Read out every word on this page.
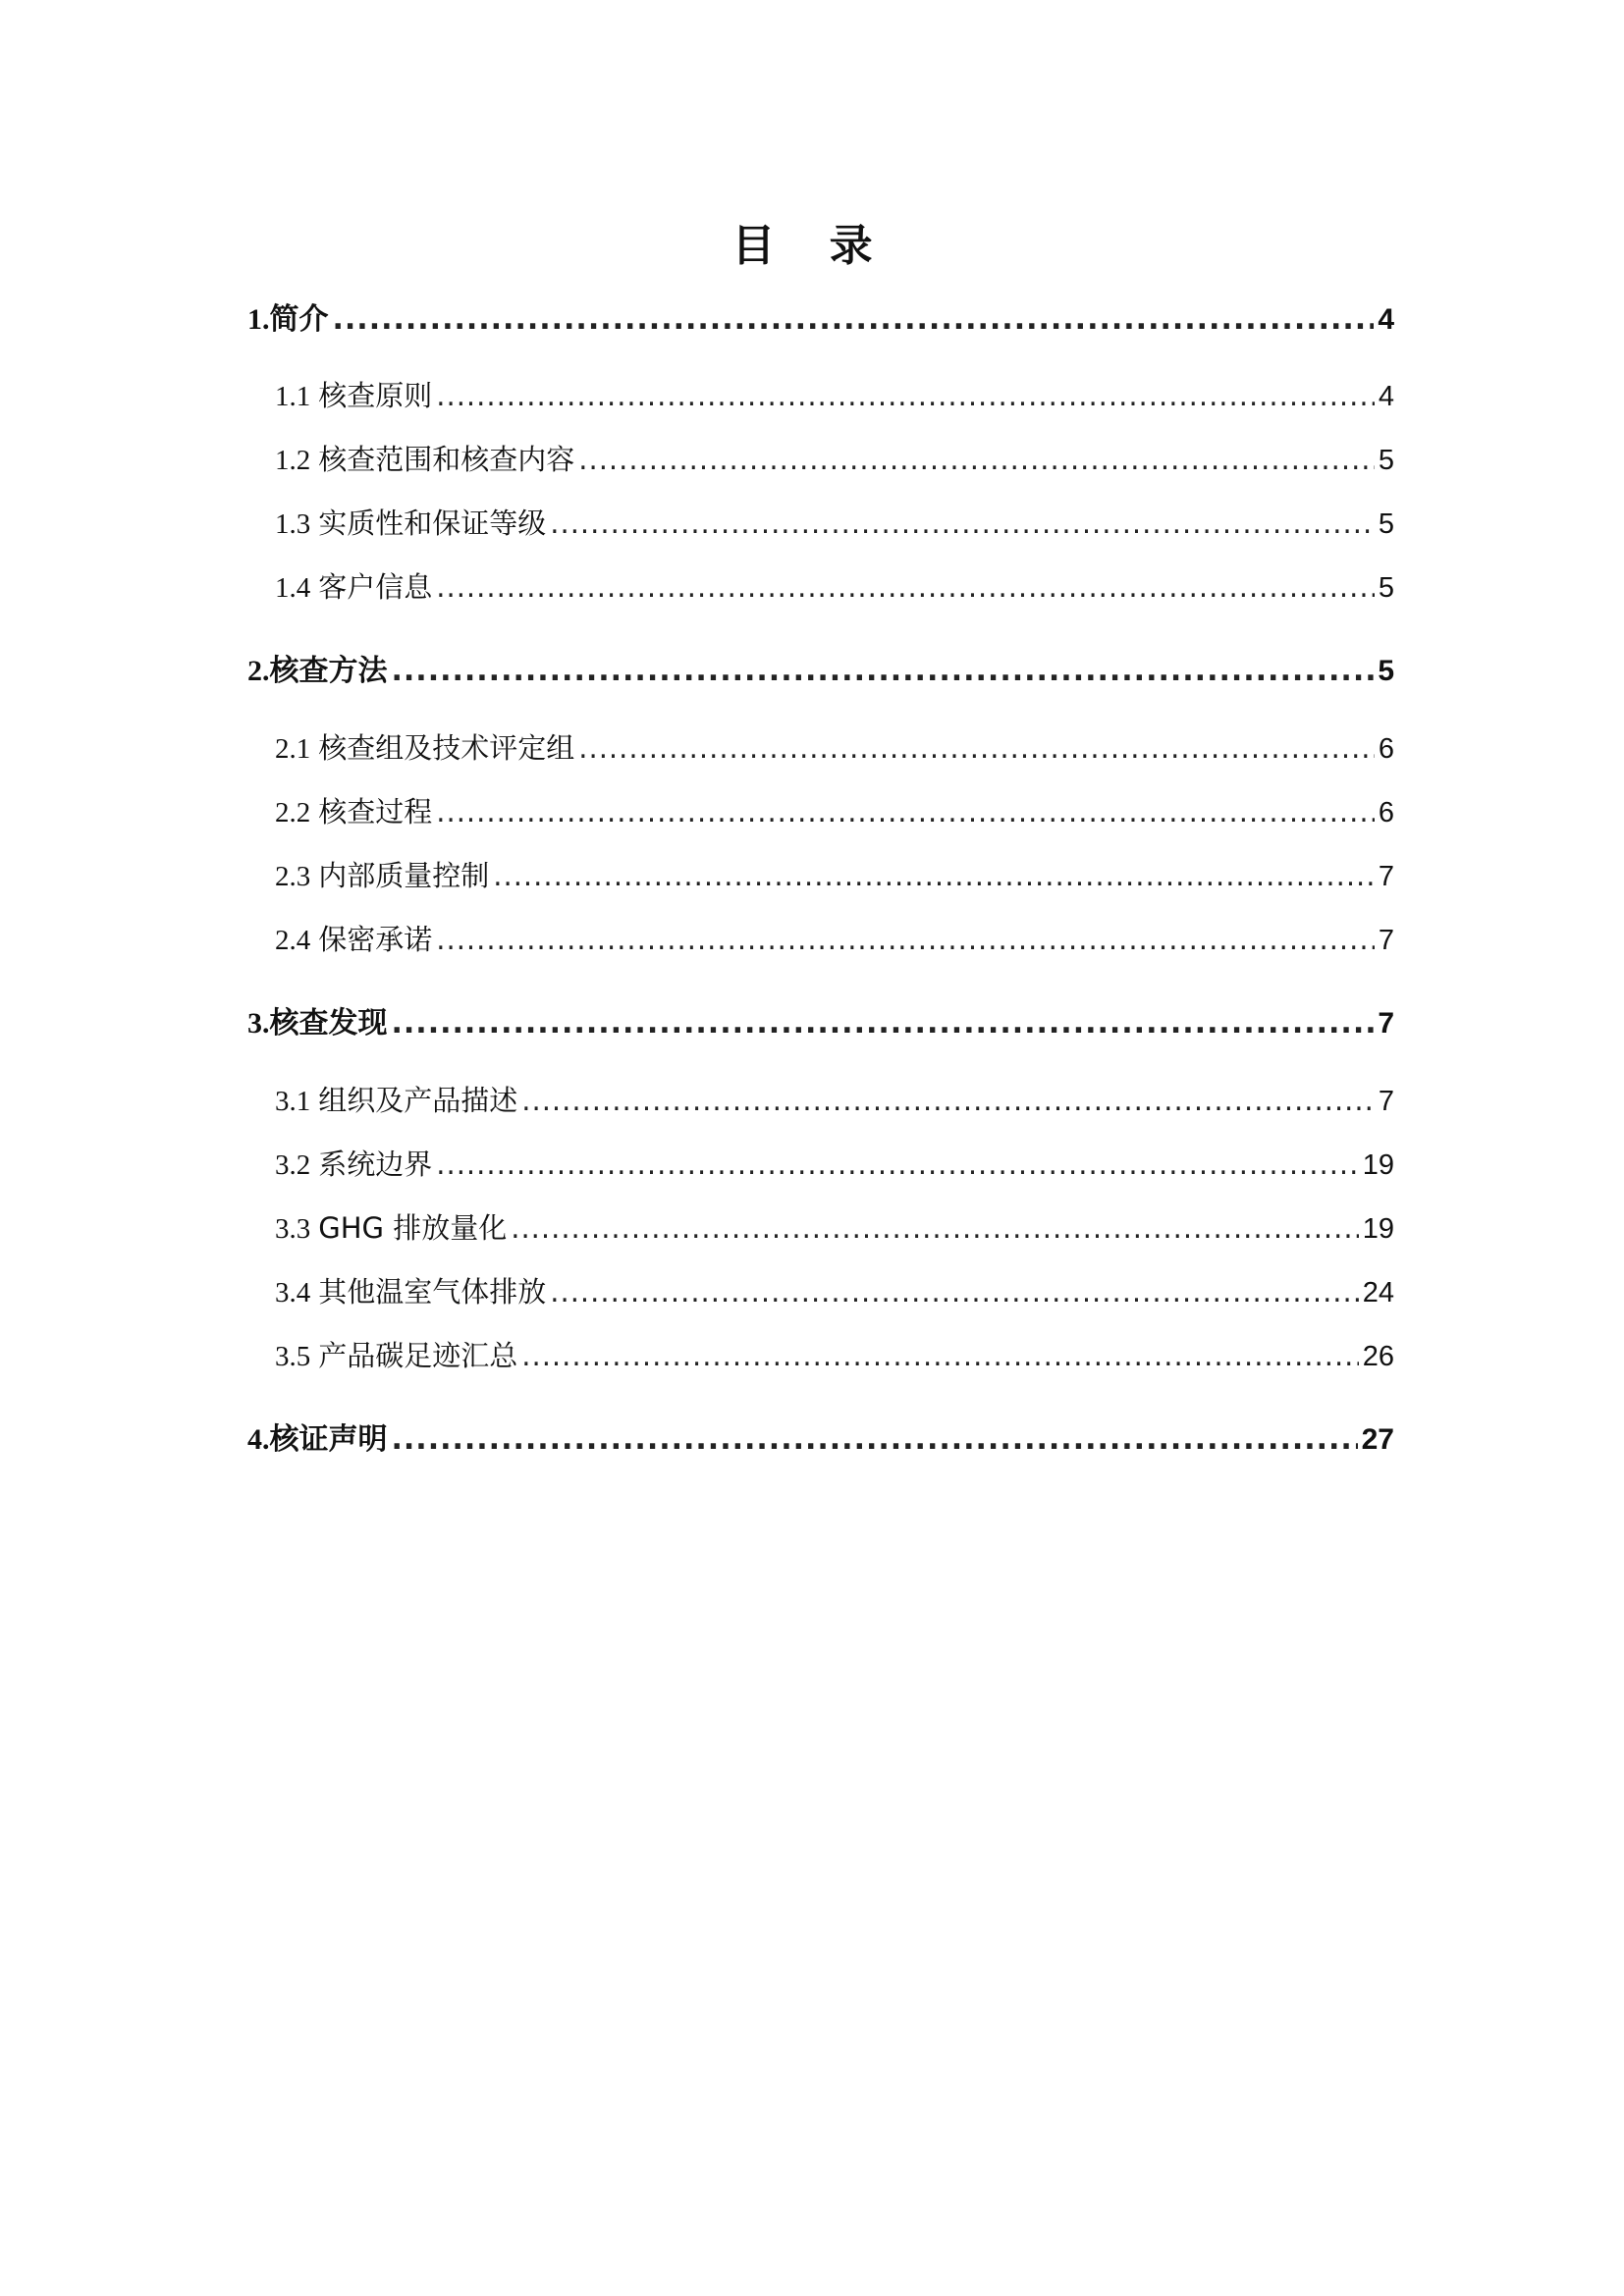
目 录
1. 简介 .....	4
1.1 核查原则 .....	4
1.2 核查范围和核查内容 .....	5
1.3 实质性和保证等级 .....	5
1.4 客户信息 .....	5
2. 核查方法 .....	5
2.1 核查组及技术评定组 .....	6
2.2 核查过程 .....	6
2.3 内部质量控制 .....	7
2.4 保密承诺 .....	7
3. 核查发现 .....	7
3.1 组织及产品描述 .....	7
3.2 系统边界 .....	19
3.3 GHG 排放量化 .....	19
3.4 其他温室气体排放 .....	24
3.5 产品碳足迹汇总 .....	26
4. 核证声明 .....	27
